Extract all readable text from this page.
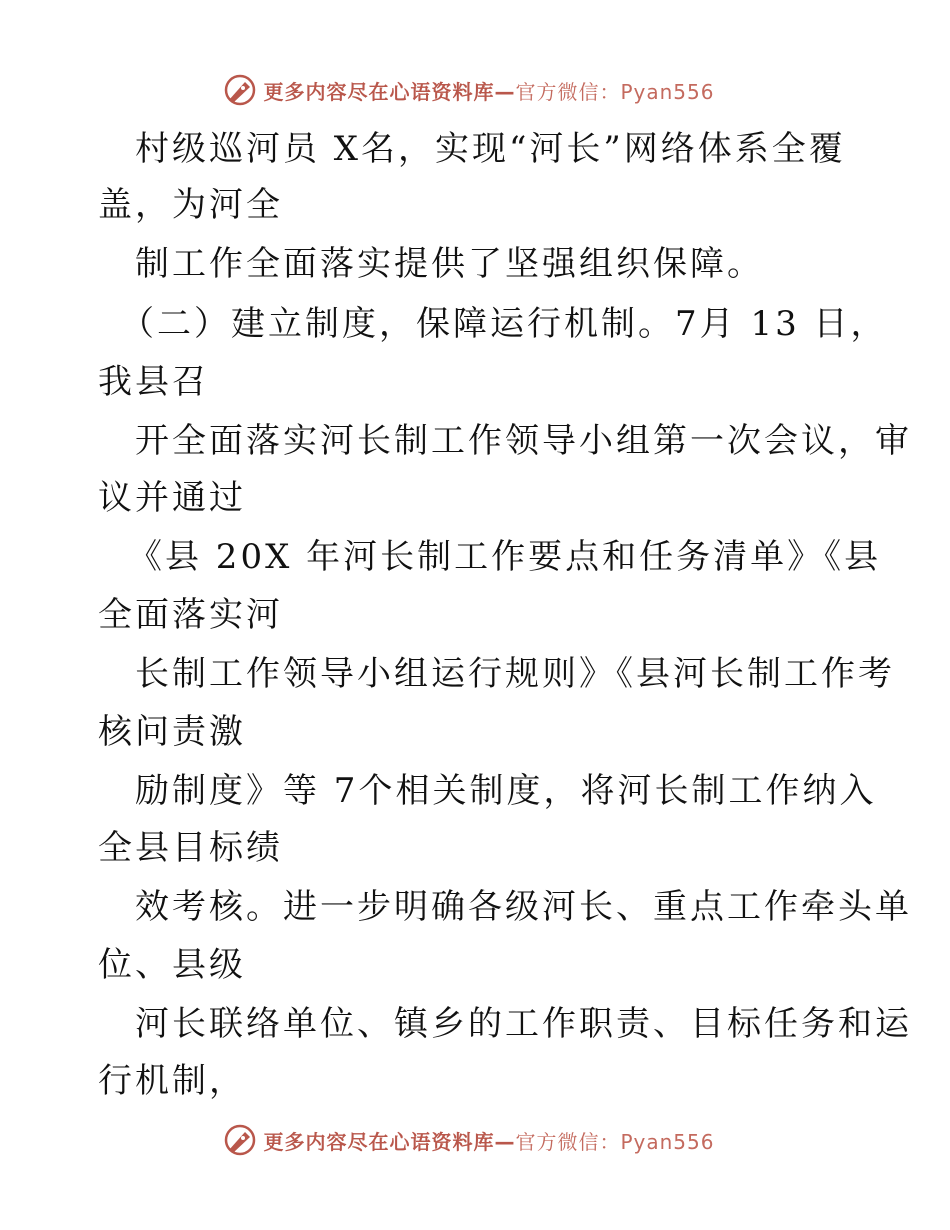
更多内容尽在心语资料库—官方微信：Pyan556
村级巡河员 X名，实现“河长”网络体系全覆
盖，为河全
制工作全面落实提供了坚强组织保障。
（二）建立制度，保障运行机制。7月 13 日，
我县召
开全面落实河长制工作领导小组第一次会议，审
议并通过
《县 20X 年河长制工作要点和任务清单》《县
全面落实河
长制工作领导小组运行规则》《县河长制工作考
核问责激
励制度》等 7个相关制度，将河长制工作纳入
全县目标绩
效考核。进一步明确各级河长、重点工作牵头单
位、县级
河长联络单位、镇乡的工作职责、目标任务和运
行机制，
更多内容尽在心语资料库—官方微信：Pyan556
